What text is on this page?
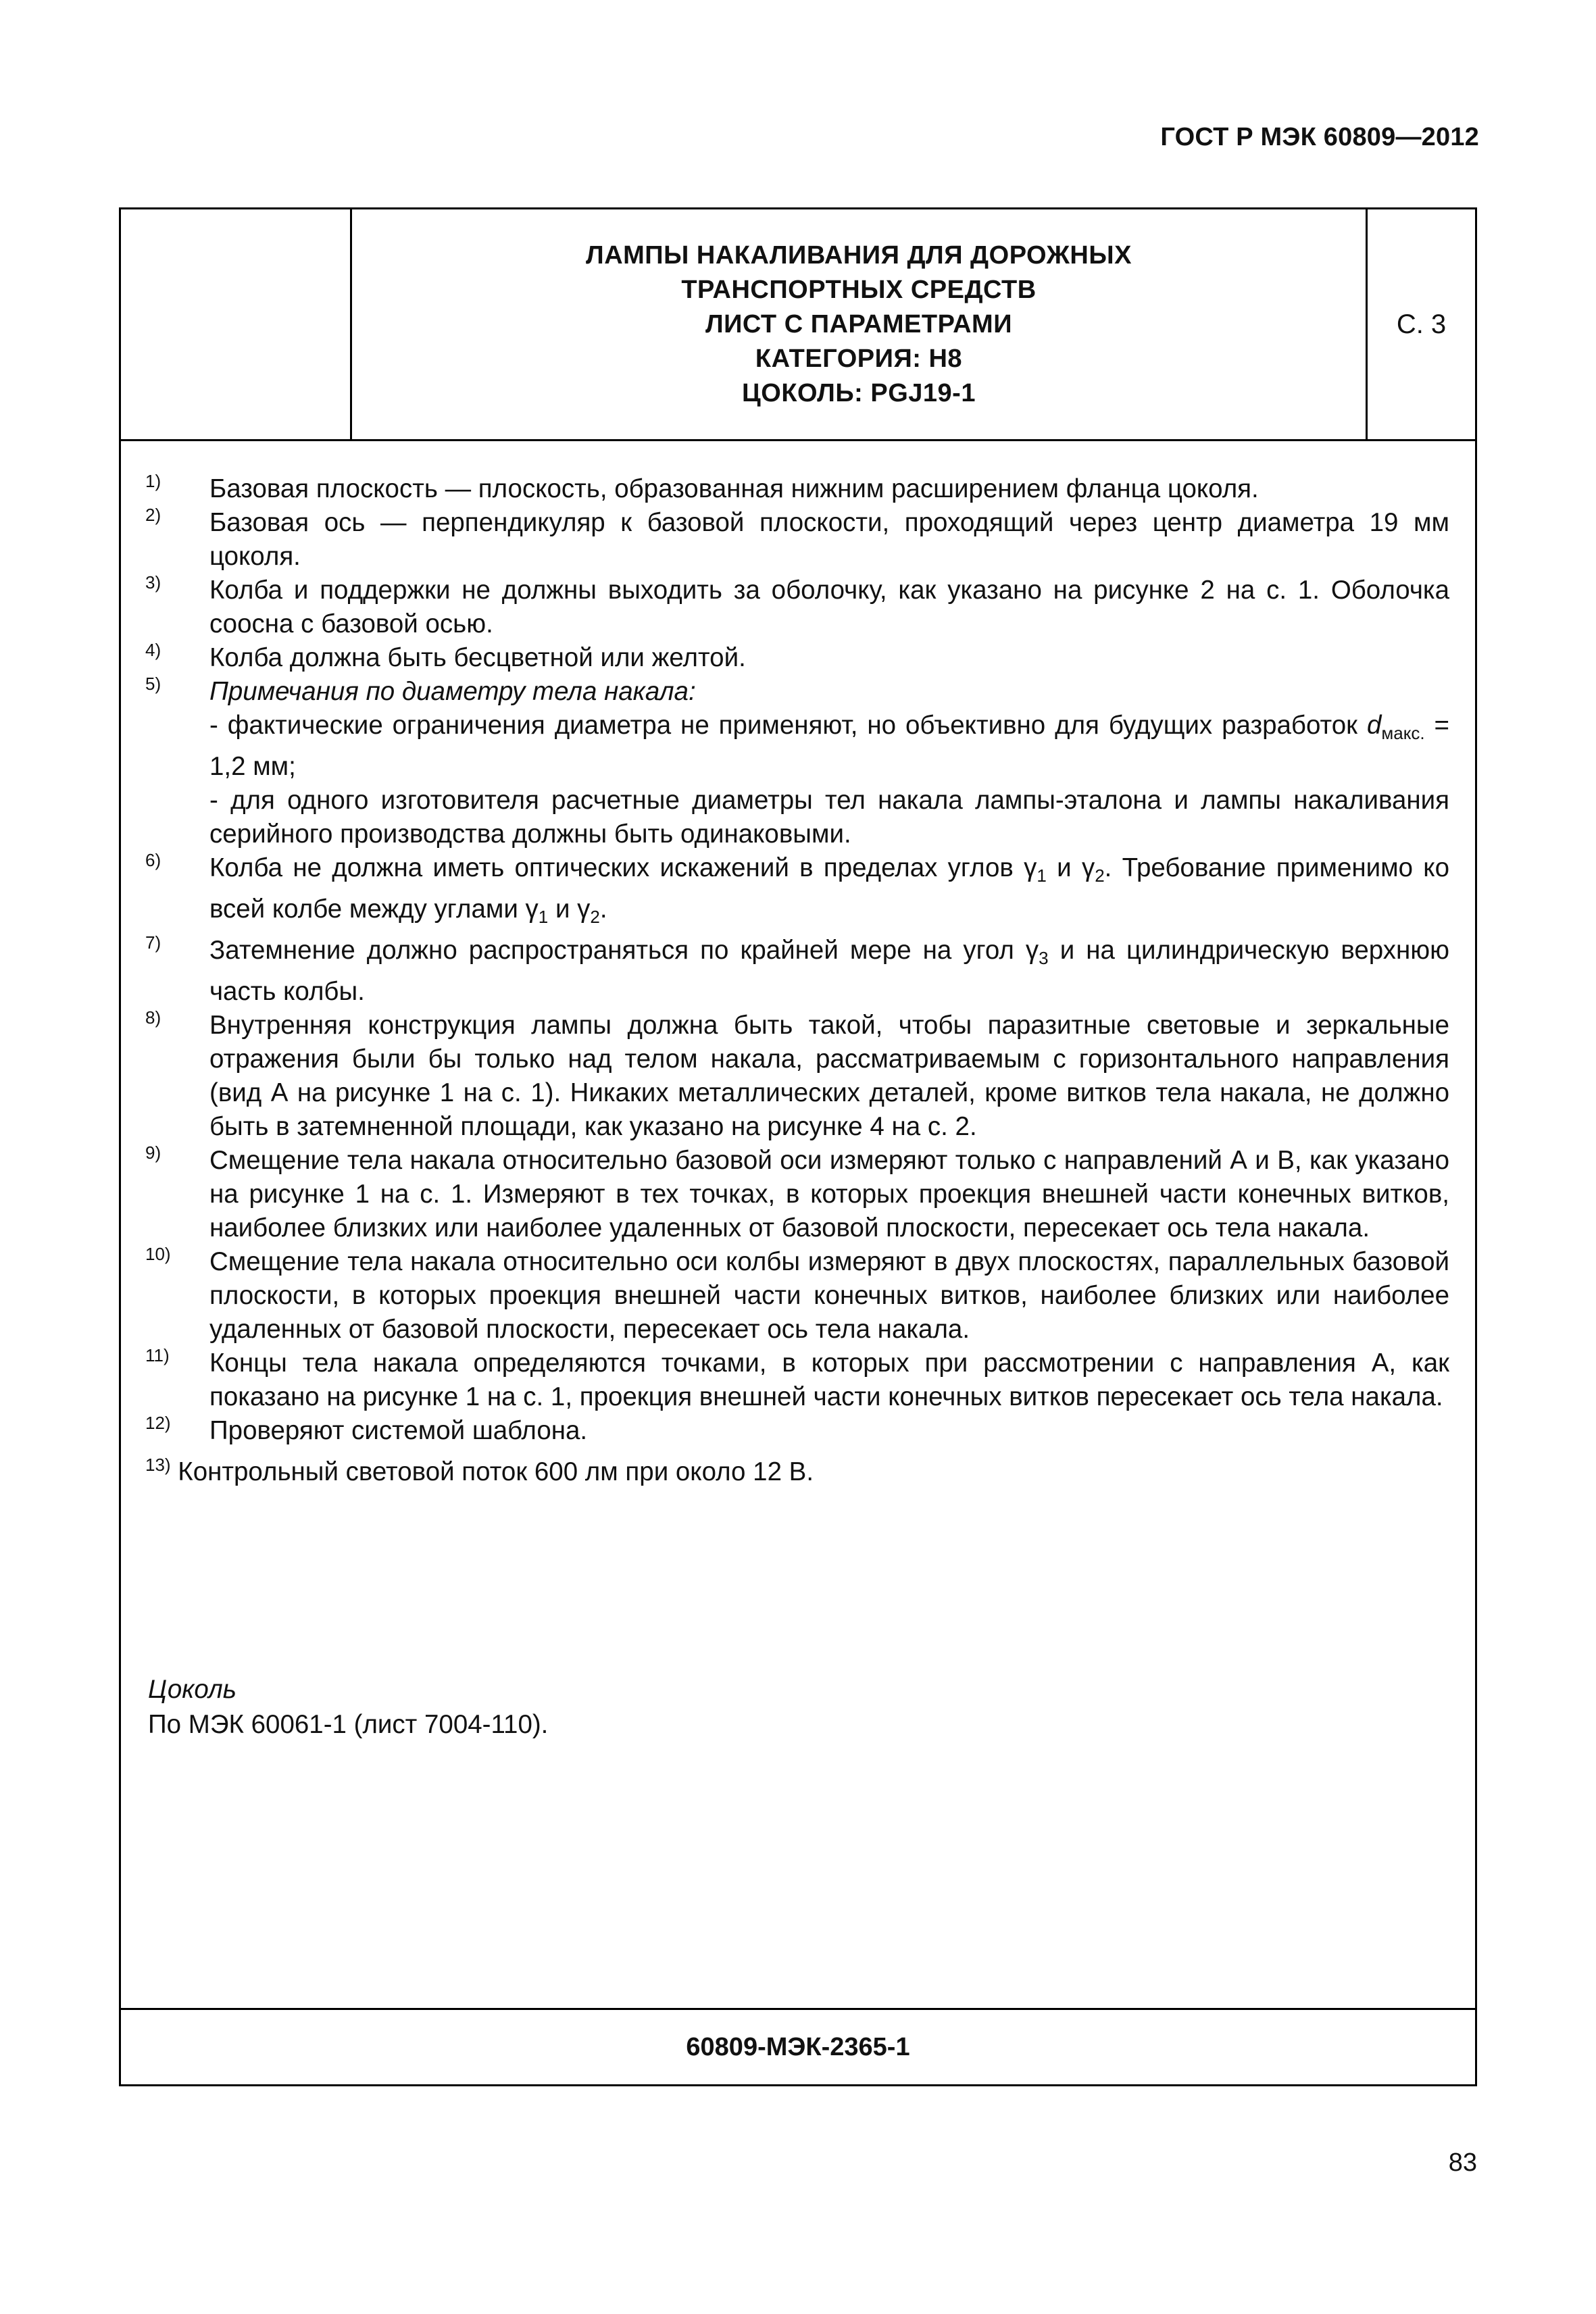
ГОСТ Р МЭК 60809—2012
ЛАМПЫ НАКАЛИВАНИЯ ДЛЯ ДОРОЖНЫХ
ТРАНСПОРТНЫХ СРЕДСТВ
ЛИСТ С ПАРАМЕТРАМИ
КАТЕГОРИЯ: H8
ЦОКОЛЬ: PGJ19-1
С. 3
1) Базовая плоскость — плоскость, образованная нижним расширением фланца цоколя.
2) Базовая ось — перпендикуляр к базовой плоскости, проходящий через центр диаметра 19 мм цоколя.
3) Колба и поддержки не должны выходить за оболочку, как указано на рисунке 2 на с. 1. Оболочка соосна с базовой осью.
4) Колба должна быть бесцветной или желтой.
5) Примечания по диаметру тела накала:
- фактические ограничения диаметра не применяют, но объективно для будущих разработок $d_{макс.} = 1,2$ мм;
- для одного изготовителя расчетные диаметры тел накала лампы-эталона и лампы накаливания серийного производства должны быть одинаковыми.
6) Колба не должна иметь оптических искажений в пределах углов $\gamma_1$ и $\gamma_2$. Требование применимо ко всей колбе между углами $\gamma_1$ и $\gamma_2$.
7) Затемнение должно распространяться по крайней мере на угол $\gamma_3$ и на цилиндрическую верхнюю часть колбы.
8) Внутренняя конструкция лампы должна быть такой, чтобы паразитные световые и зеркальные отражения были бы только над телом накала, рассматриваемым с горизонтального направления (вид А на рисунке 1 на с. 1). Никаких металлических деталей, кроме витков тела накала, не должно быть в затемненной площади, как указано на рисунке 4 на с. 2.
9) Смещение тела накала относительно базовой оси измеряют только с направлений А и В, как указано на рисунке 1 на с. 1. Измеряют в тех точках, в которых проекция внешней части конечных витков, наиболее близких или наиболее удаленных от базовой плоскости, пересекает ось тела накала.
10) Смещение тела накала относительно оси колбы измеряют в двух плоскостях, параллельных базовой плоскости, в которых проекция внешней части конечных витков, наиболее близких или наиболее удаленных от базовой плоскости, пересекает ось тела накала.
11) Концы тела накала определяются точками, в которых при рассмотрении с направления А, как показано на рисунке 1 на с. 1, проекция внешней части конечных витков пересекает ось тела накала.
12) Проверяют системой шаблона.
$^{13)}$ Контрольный световой поток 600 лм при около 12 В.
Цоколь
По МЭК 60061-1 (лист 7004-110).
60809-МЭК-2365-1
83
